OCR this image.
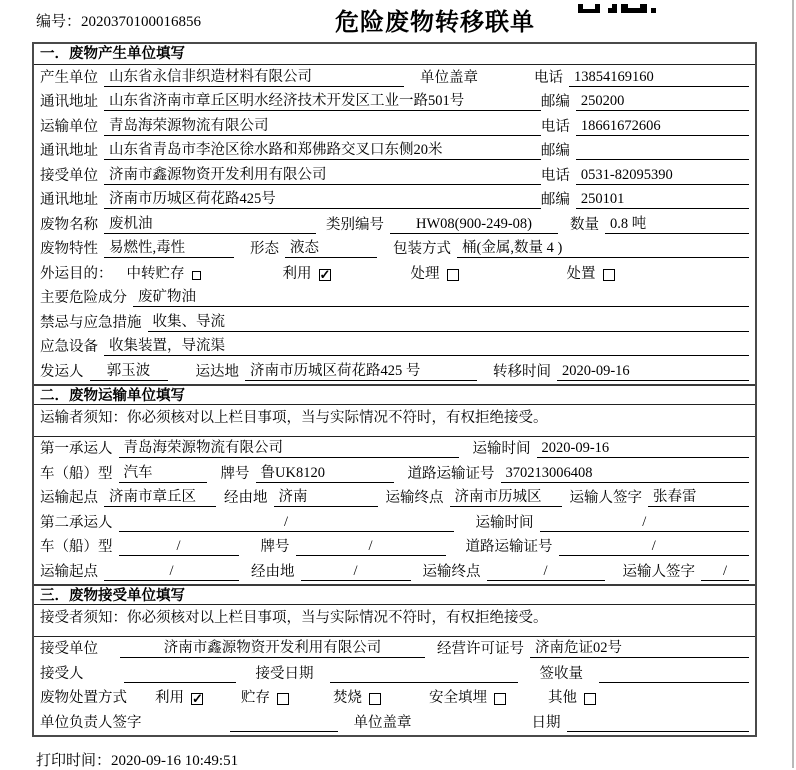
编号：2020370100016856	危险废物转移联单
一．废物产生单位填写
产生单位 山东省永信非织造材料有限公司	单位盖章	电话 13854169160
通讯地址 山东省济南市章丘区明水经济技术开发区工业一路501号	邮编 250200
运输单位 青岛海荣源物流有限公司	电话 18661672606
通讯地址 山东省青岛市李沧区徐水路和郑佛路交叉口东侧20米	邮编
接受单位 济南市鑫源物资开发利用有限公司	电话 0531-82095390
通讯地址 济南市历城区荷花路425号	邮编 250101
废物名称 废机油	类别编号	HW08(900-249-08)	数量 0.8 吨
废物特性 易燃性,毒性	形态 液态	包装方式 桶(金属,数量 4 )
外运目的： 中转贮存	利用 ✓	处理	处置
主要危险成分 废矿物油
禁忌与应急措施 收集、导流
应急设备 收集装置，导流渠
发运人	郭玉波	运达地 济南市历城区荷花路425 号	转移时间 2020-09-16
二．废物运输单位填写
运输者须知：你必须核对以上栏目事项，当与实际情况不符时，有权拒绝接受。
第一承运人 青岛海荣源物流有限公司	运输时间 2020-09-16
车（船）型 汽车	牌号 鲁UK8120	道路运输证号 370213006408
运输起点 济南市章丘区	经由地 济南	运输终点 济南市历城区	运输人签字 张春雷
第二承运人	/	运输时间	/
车（船）型	/	牌号	/	道路运输证号	/
运输起点	/	经由地	/	运输终点	/	运输人签字	/
三．废物接受单位填写
接受者须知：你必须核对以上栏目事项，当与实际情况不符时，有权拒绝接受。
接受单位	济南市鑫源物资开发利用有限公司	经营许可证号 济南危证02号
接受人	接受日期	签收量
废物处置方式 利用 ✓	贮存	焚烧	安全填埋	其他
单位负责人签字	单位盖章	日期
打印时间：2020-09-16 10:49:51
